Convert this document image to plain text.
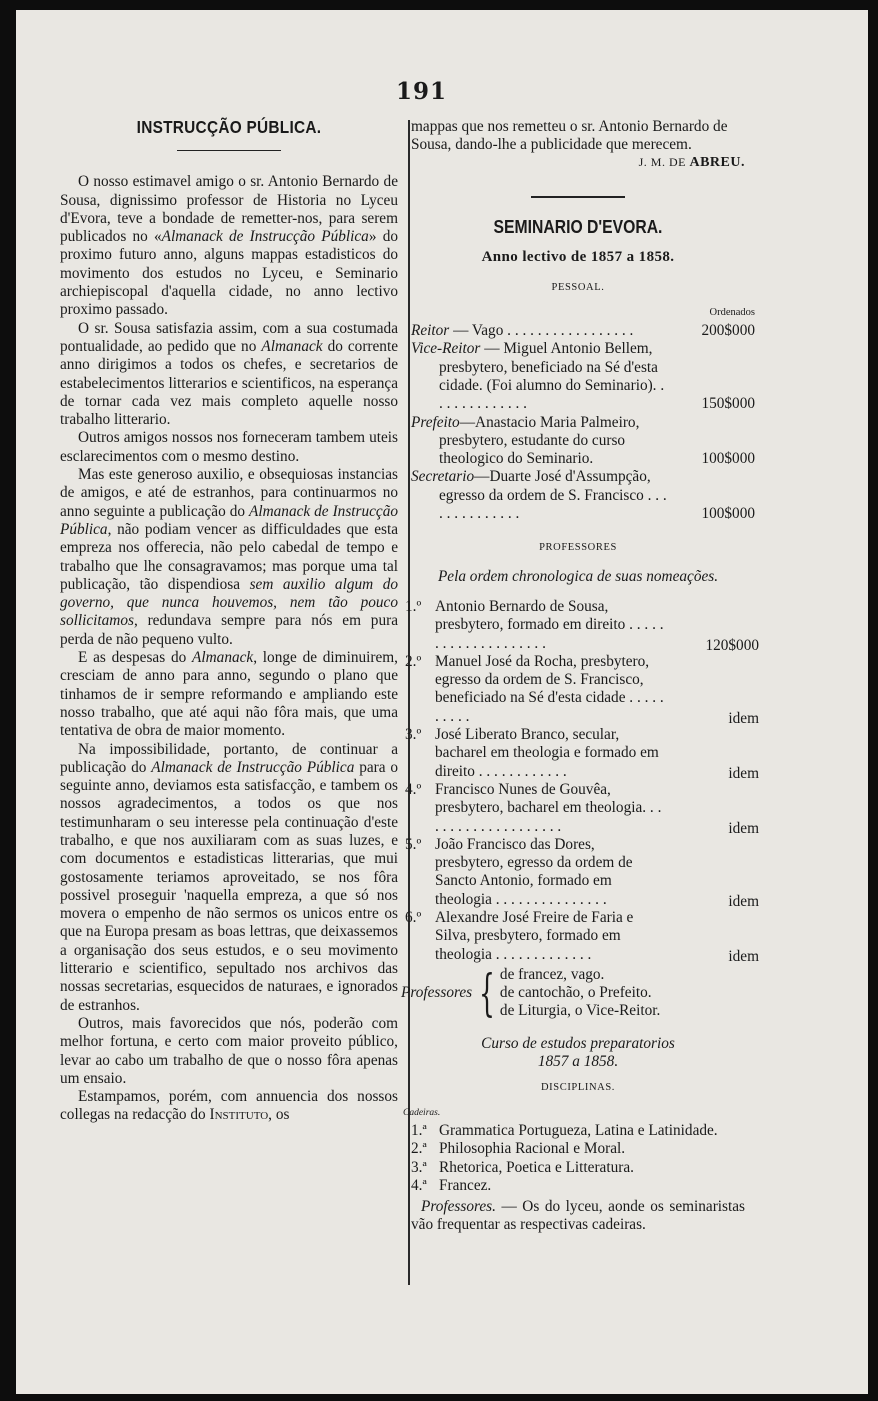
191
INSTRUCÇÃO PÚBLICA.

O nosso estimavel amigo o sr. Antonio Bernardo de Sousa, dignissimo professor de Historia no Lyceu d'Evora, teve a bondade de remetter-nos, para serem publicados no «Almanack de Instrucção Pública» do proximo futuro anno, alguns mappas estadisticos do movimento dos estudos no Lyceu, e Seminario archiepiscopal d'aquella cidade, no anno lectivo proximo passado.

O sr. Sousa satisfazia assim, com a sua costumada pontualidade, ao pedido que no Almanack do corrente anno dirigimos a todos os chefes, e secretarios de estabelecimentos litterarios e scientificos, na esperança de tornar cada vez mais completo aquelle nosso trabalho litterario.

Outros amigos nossos nos forneceram tambem uteis esclarecimentos com o mesmo destino.

Mas este generoso auxilio, e obsequiosas instancias de amigos, e até de estranhos, para continuarmos no anno seguinte a publicação do Almanack de Instrucção Pública, não podiam vencer as difficuldades que esta empreza nos offerecia, não pelo cabedal de tempo e trabalho que lhe consagravamos; mas porque uma tal publicação, tão dispendiosa sem auxilio algum do governo, que nunca houvemos, nem tão pouco sollicitamos, redundava sempre para nós em pura perda de não pequeno vulto.

E as despesas do Almanack, longe de diminuirem, cresciam de anno para anno, segundo o plano que tinhamos de ir sempre reformando e ampliando este nosso trabalho, que até aqui não fôra mais, que uma tentativa de obra de maior momento.

Na impossibilidade, portanto, de continuar a publicação do Almanack de Instrucção Pública para o seguinte anno, deviamos esta satisfacção, e tambem os nossos agradecimentos, a todos os que nos testimunharam o seu interesse pela continuação d'este trabalho, e que nos auxiliaram com as suas luzes, e com documentos e estadisticas litterarias, que mui gostosamente teriamos aproveitado, se nos fôra possivel proseguir 'naquella empreza, a que só nos movera o empenho de não sermos os unicos entre os que na Europa presam as boas lettras, que deixassemos a organisação dos seus estudos, e o seu movimento litterario e scientifico, sepultado nos archivos das nossas secretarias, esquecidos de naturaes, e ignorados de estranhos.

Outros, mais favorecidos que nós, poderão com melhor fortuna, e certo com maior proveito público, levar ao cabo um trabalho de que o nosso fôra apenas um ensaio.

Estampamos, porém, com annuencia dos nossos collegas na redacção do Instituto, os

mappas que nos remetteu o sr. Antonio Bernardo de Sousa, dando-lhe a publicidade que merecem.

J. M. DE ABREU.
SEMINARIO D'EVORA.
Anno lectivo de 1857 a 1858.
PESSOAL.
Ordenados
Reitor — Vago . . . . . . . . . . . . . . . . .	200$000
Vice-Reitor — Miguel Antonio Bellem, presbytero, beneficiado na Sé d'esta cidade. (Foi alumno do Seminario). . . . . . . . . . . . . .	150$000
Prefeito—Anastacio Maria Palmeiro, presbytero, estudante do curso theologico do Seminario.	100$000
Secretario—Duarte José d'Assumpção, egresso da ordem de S. Francisco . . . . . . . . . . . . . .	100$000
PROFESSORES
Pela ordem chronologica de suas nomeações.
1.º Antonio Bernardo de Sousa, presbytero, formado em direito . . . . . . . . . . . . . . . . . . . .	120$000
2.º Manuel José da Rocha, presbytero, egresso da ordem de S. Francisco, beneficiado na Sé d'esta cidade . . . . . . . . . .	idem
3.º José Liberato Branco, secular, bacharel em theologia e formado em direito . . . . . . . . . . . .	idem
4.º Francisco Nunes de Gouvêa, presbytero, bacharel em theologia. . . . . . . . . . . . . . . . . . . .	idem
5.º João Francisco das Dores, presbytero, egresso da ordem de Sancto Antonio, formado em theologia . . . . . . . . . . . . . . .	idem
6.º Alexandre José Freire de Faria e Silva, presbytero, formado em theologia . . . . . . . . . . . . .	idem
Professores { de francez, vago.
de cantochão, o Prefeito.
de Liturgia, o Vice-Reitor.
Curso de estudos preparatorios
1857 a 1858.
DISCIPLINAS.
Cadeiras.
1.ª Grammatica Portugueza, Latina e Latinidade.
2.ª Philosophia Racional e Moral.
3.ª Rhetorica, Poetica e Litteratura.
4.ª Francez.

Professores. — Os do lyceu, aonde os seminaristas vão frequentar as respectivas cadeiras.
